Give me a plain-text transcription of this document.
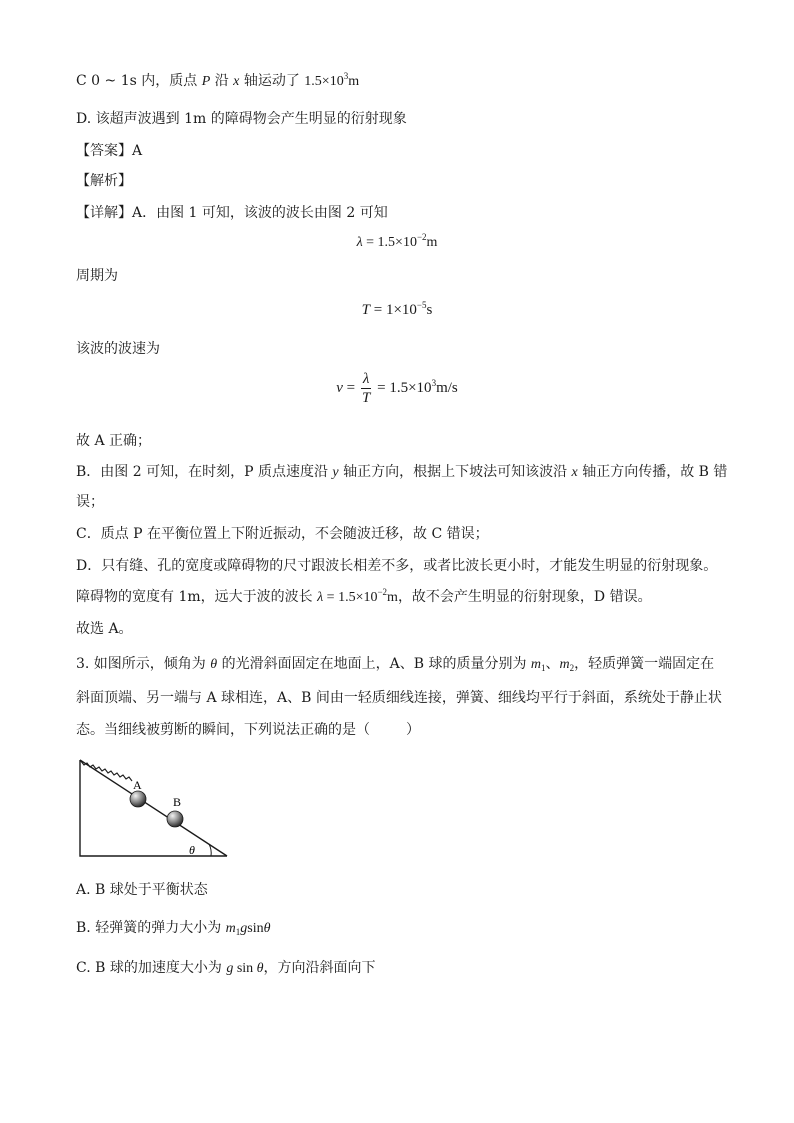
C 0 ~ 1s 内，质点 P 沿 x 轴运动了 $1.5\times 10^3m$
D. 该超声波遇到 1m 的障碍物会产生明显的衍射现象
【答案】A
【解析】
【详解】A．由图 1 可知，该波的波长由图 2 可知
$\lambda = 1.5\times 10^{-2}m$
周期为
$T = 1\times 10^{-5}s$
该波的波速为
$v = \frac{\lambda}{T} = 1.5\times 10^3m/s$
故 A 正确；
B．由图 2 可知，在时刻，P 质点速度沿 y 轴正方向，根据上下坡法可知该波沿 x 轴正方向传播，故 B 错
误；
C．质点 P 在平衡位置上下附近振动，不会随波迁移，故 C 错误；
D．只有缝、孔的宽度或障碍物的尺寸跟波长相差不多，或者比波长更小时，才能发生明显的衍射现象。
障碍物的宽度有 1m，远大于波的波长 $\lambda = 1.5\times 10^{-2}m$，故不会产生明显的衍射现象，D 错误。
故选 A。
3. 如图所示，倾角为 θ 的光滑斜面固定在地面上，A、B 球的质量分别为 $m_1$、$m_2$，轻质弹簧一端固定在
斜面顶端、另一端与 A 球相连，A、B 间由一轻质细线连接，弹簧、细线均平行于斜面，系统处于静止状
态。当细线被剪断的瞬间，下列说法正确的是（	）
A
B
θ
A. B 球处于平衡状态
B. 轻弹簧的弹力大小为 $m_1gsin\theta$
C. B 球的加速度大小为 g sin θ，方向沿斜面向下
